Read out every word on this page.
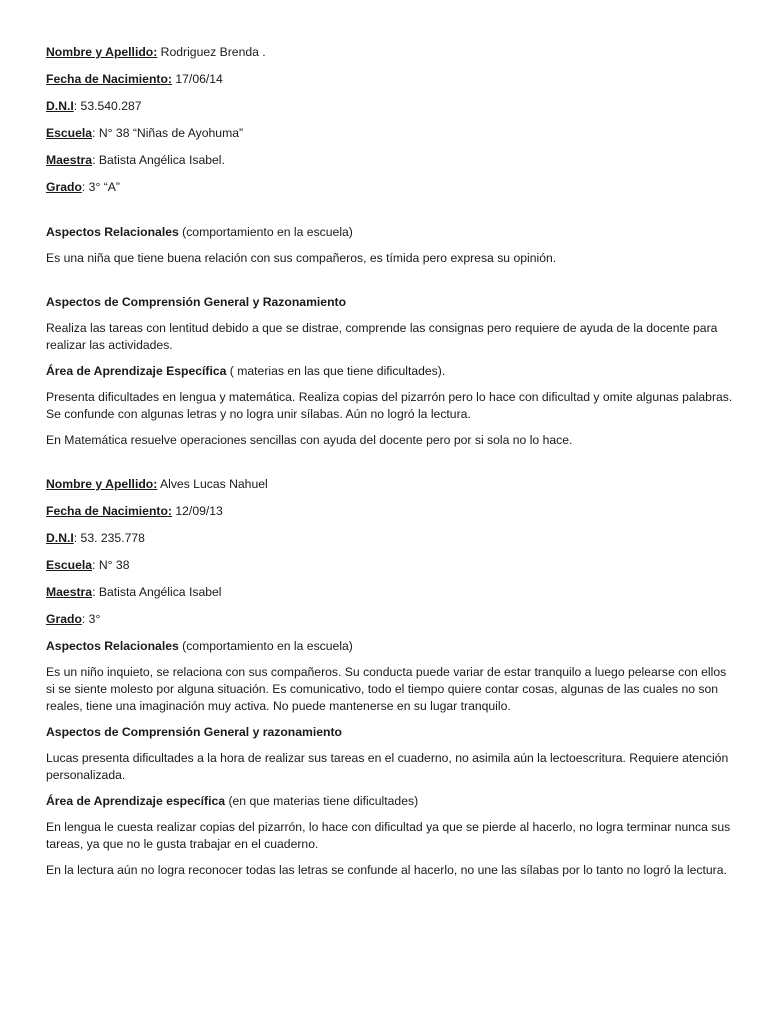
Nombre y Apellido: Rodriguez Brenda .

Fecha de Nacimiento: 17/06/14

D.N.I: 53.540.287

Escuela: N° 38 “Niñas de Ayohuma”

Maestra: Batista Angélica Isabel.

Grado: 3° “A”

Aspectos Relacionales (comportamiento en la escuela)

Es una niña que tiene buena relación con sus compañeros, es tímida pero expresa su opinión.

Aspectos de Comprensión General y Razonamiento

Realiza las tareas con lentitud debido a que se distrae, comprende las consignas pero requiere de ayuda de la docente para realizar las actividades.

Área de Aprendizaje Específica ( materias en las que tiene dificultades).

Presenta dificultades en lengua y matemática. Realiza copias del pizarrón pero lo hace con dificultad y omite algunas palabras. Se confunde con algunas letras y no logra unir sílabas. Aún no logró la lectura.

En Matemática resuelve operaciones sencillas con ayuda del docente pero por si sola no lo hace.

Nombre y Apellido: Alves Lucas Nahuel

Fecha de Nacimiento: 12/09/13

D.N.I: 53. 235.778

Escuela: N° 38

Maestra: Batista Angélica Isabel

Grado: 3°

Aspectos Relacionales (comportamiento en la escuela)

Es un niño inquieto, se relaciona con sus compañeros. Su conducta puede variar de estar tranquilo a luego pelearse con ellos si se siente molesto por alguna situación. Es comunicativo, todo el tiempo quiere contar cosas, algunas de las cuales no son reales, tiene una imaginación muy activa. No puede mantenerse en su lugar tranquilo.

Aspectos de Comprensión General y razonamiento

Lucas presenta dificultades a la hora de realizar sus tareas en el cuaderno, no asimila aún la lectoescritura. Requiere atención personalizada.

Área de Aprendizaje específica (en que materias tiene dificultades)

En lengua le cuesta realizar copias del pizarrón, lo hace con dificultad ya que se pierde al hacerlo, no logra terminar nunca sus tareas, ya que no le gusta trabajar en el cuaderno.

En la lectura aún no logra reconocer todas las letras se confunde al hacerlo, no une las sílabas por lo tanto no logró la lectura.
